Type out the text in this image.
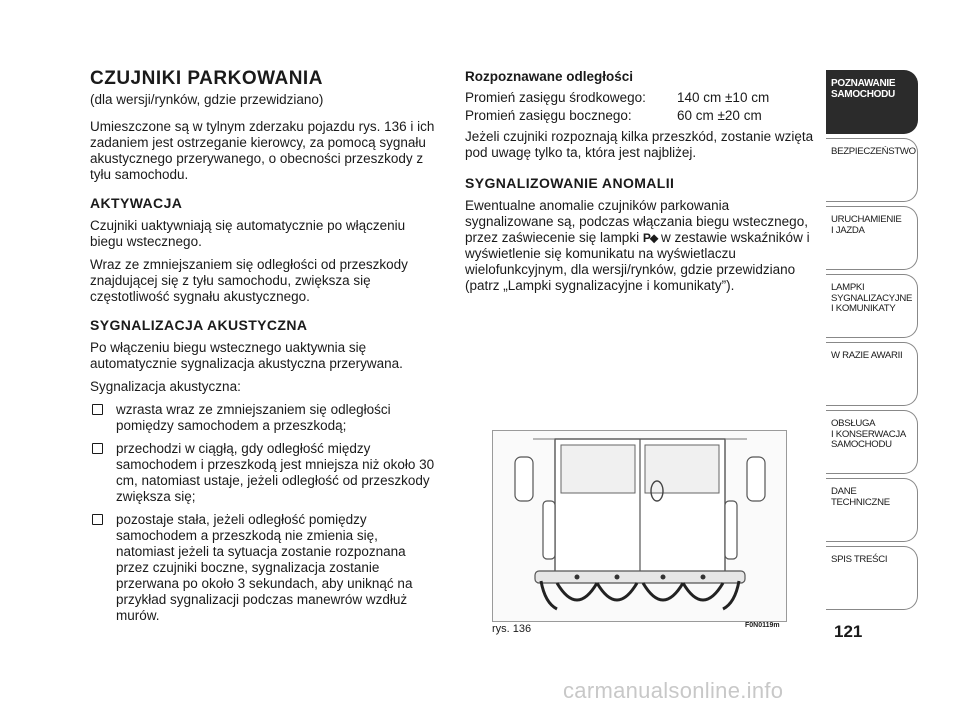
CZUJNIKI PARKOWANIA

(dla wersji/rynków, gdzie przewidziano)

Umieszczone są w tylnym zderzaku pojazdu rys. 136 i ich zadaniem jest ostrzeganie kierowcy, za pomocą sygnału akustycznego przerywanego, o obecności przeszkody z tyłu samochodu.

AKTYWACJA

Czujniki uaktywniają się automatycznie po włączeniu biegu wstecznego.

Wraz ze zmniejszaniem się odległości od przeszkody znajdującej się z tyłu samochodu, zwiększa się częstotliwość sygnału akustycznego.

SYGNALIZACJA AKUSTYCZNA

Po włączeniu biegu wstecznego uaktywnia się automatycznie sygnalizacja akustyczna przerywana.

Sygnalizacja akustyczna:

wzrasta wraz ze zmniejszaniem się odległości pomiędzy samochodem a przeszkodą;
przechodzi w ciągłą, gdy odległość między samochodem i przeszkodą jest mniejsza niż około 30 cm, natomiast ustaje, jeżeli odległość od przeszkody zwiększa się;
pozostaje stała, jeżeli odległość pomiędzy samochodem a przeszkodą nie zmienia się, natomiast jeżeli ta sytuacja zostanie rozpoznana przez czujniki boczne, sygnalizacja zostanie przerwana po około 3 sekundach, aby uniknąć na przykład sygnalizacji podczas manewrów wzdłuż murów.
Rozpoznawane odległości
Promień zasięgu środkowego:	140 cm ±10 cm
Promień zasięgu bocznego:	60 cm ±20 cm

Jeżeli czujniki rozpoznają kilka przeszkód, zostanie wzięta pod uwagę tylko ta, która jest najbliżej.

SYGNALIZOWANIE ANOMALII

Ewentualne anomalie czujników parkowania sygnalizowane są, podczas włączania biegu wstecznego, przez zaświecenie się lampki P⬥ w zestawie wskaźników i wyświetlenie się komunikatu na wyświetlaczu wielofunkcyjnym, dla wersji/rynków, gdzie przewidziano (patrz „Lampki sygnalizacyjne i komunikaty”).

rys. 136	F0N0119m
POZNAWANIE
SAMOCHODU
BEZPIECZEŃSTWO
URUCHAMIENIE
I JAZDA
LAMPKI
SYGNALIZACYJNE
I KOMUNIKATY
W RAZIE AWARII
OBSŁUGA
I KONSERWACJA
SAMOCHODU
DANE TECHNICZNE
SPIS TREŚCI
121
carmanualsonline.info
